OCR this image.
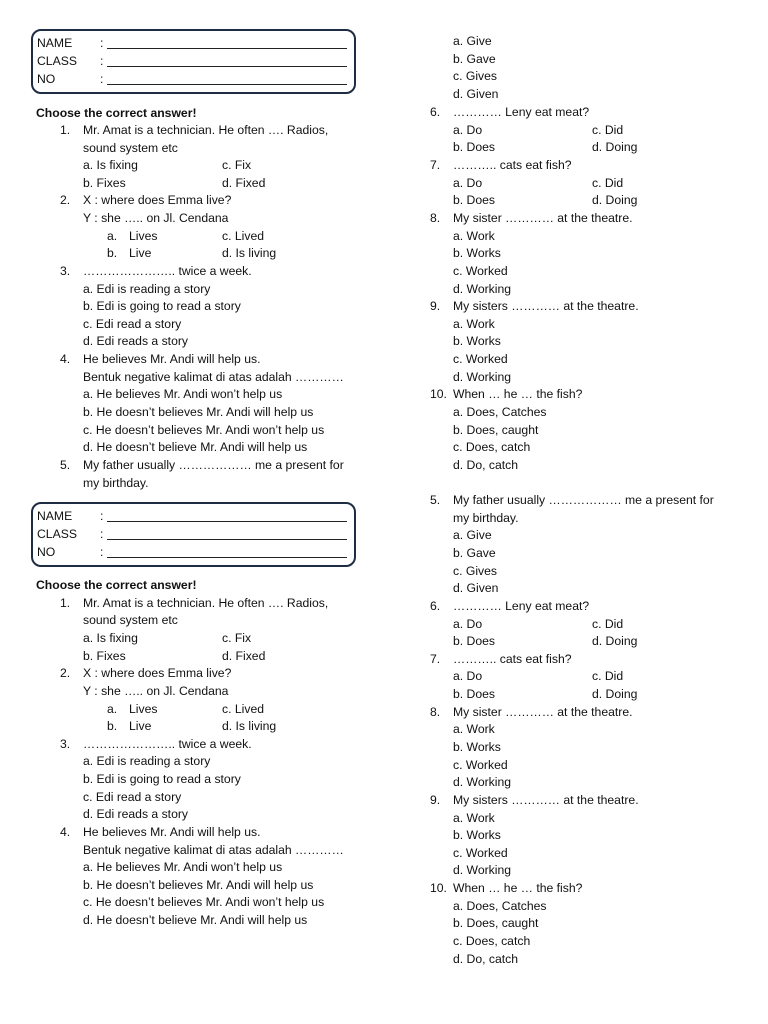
NAME :
CLASS :
NO	:
Choose the correct answer!
1. Mr. Amat is a technician. He often …. Radios,
sound system etc
a. Is fixing	c. Fix
b. Fixes	d. Fixed
2. X : where does Emma live?
Y : she ….. on Jl. Cendana
a. Lives	c. Lived
b. Live	d. Is living
3. ………………….. twice a week.
a. Edi is reading a story
b. Edi is going to read a story
c. Edi read a story
d. Edi reads a story
4. He believes Mr. Andi will help us.
Bentuk negative kalimat di atas adalah …………
a. He believes Mr. Andi won’t help us
b. He doesn’t believes Mr. Andi will help us
c. He doesn’t believes Mr. Andi won’t help us
d. He doesn’t believe Mr. Andi will help us
5. My father usually ……………… me a present for
my birthday.
a. Give
b. Gave
c. Gives
d. Given
6. ………… Leny eat meat?
a. Do	c. Did
b. Does	d. Doing
7. ……….. cats eat fish?
a. Do	c. Did
b. Does	d. Doing
8. My sister ………… at the theatre.
a. Work
b. Works
c. Worked
d. Working
9. My sisters ………… at the theatre.
a. Work
b. Works
c. Worked
d. Working
10. When … he … the fish?
a. Does, Catches
b. Does, caught
c. Does, catch
d. Do, catch
NAME :
CLASS :
NO	:
Choose the correct answer!
1. Mr. Amat is a technician. He often …. Radios,
sound system etc
a. Is fixing	c. Fix
b. Fixes	d. Fixed
2. X : where does Emma live?
Y : she ….. on Jl. Cendana
a. Lives	c. Lived
b. Live	d. Is living
3. ………………….. twice a week.
a. Edi is reading a story
b. Edi is going to read a story
c. Edi read a story
d. Edi reads a story
4. He believes Mr. Andi will help us.
Bentuk negative kalimat di atas adalah …………
a. He believes Mr. Andi won’t help us
b. He doesn’t believes Mr. Andi will help us
c. He doesn’t believes Mr. Andi won’t help us
d. He doesn’t believe Mr. Andi will help us
5. My father usually ……………… me a present for
my birthday.
a. Give
b. Gave
c. Gives
d. Given
6. ………… Leny eat meat?
a. Do	c. Did
b. Does	d. Doing
7. ……….. cats eat fish?
a. Do	c. Did
b. Does	d. Doing
8. My sister ………… at the theatre.
a. Work
b. Works
c. Worked
d. Working
9. My sisters ………… at the theatre.
a. Work
b. Works
c. Worked
d. Working
10. When … he … the fish?
a. Does, Catches
b. Does, caught
c. Does, catch
d. Do, catch
